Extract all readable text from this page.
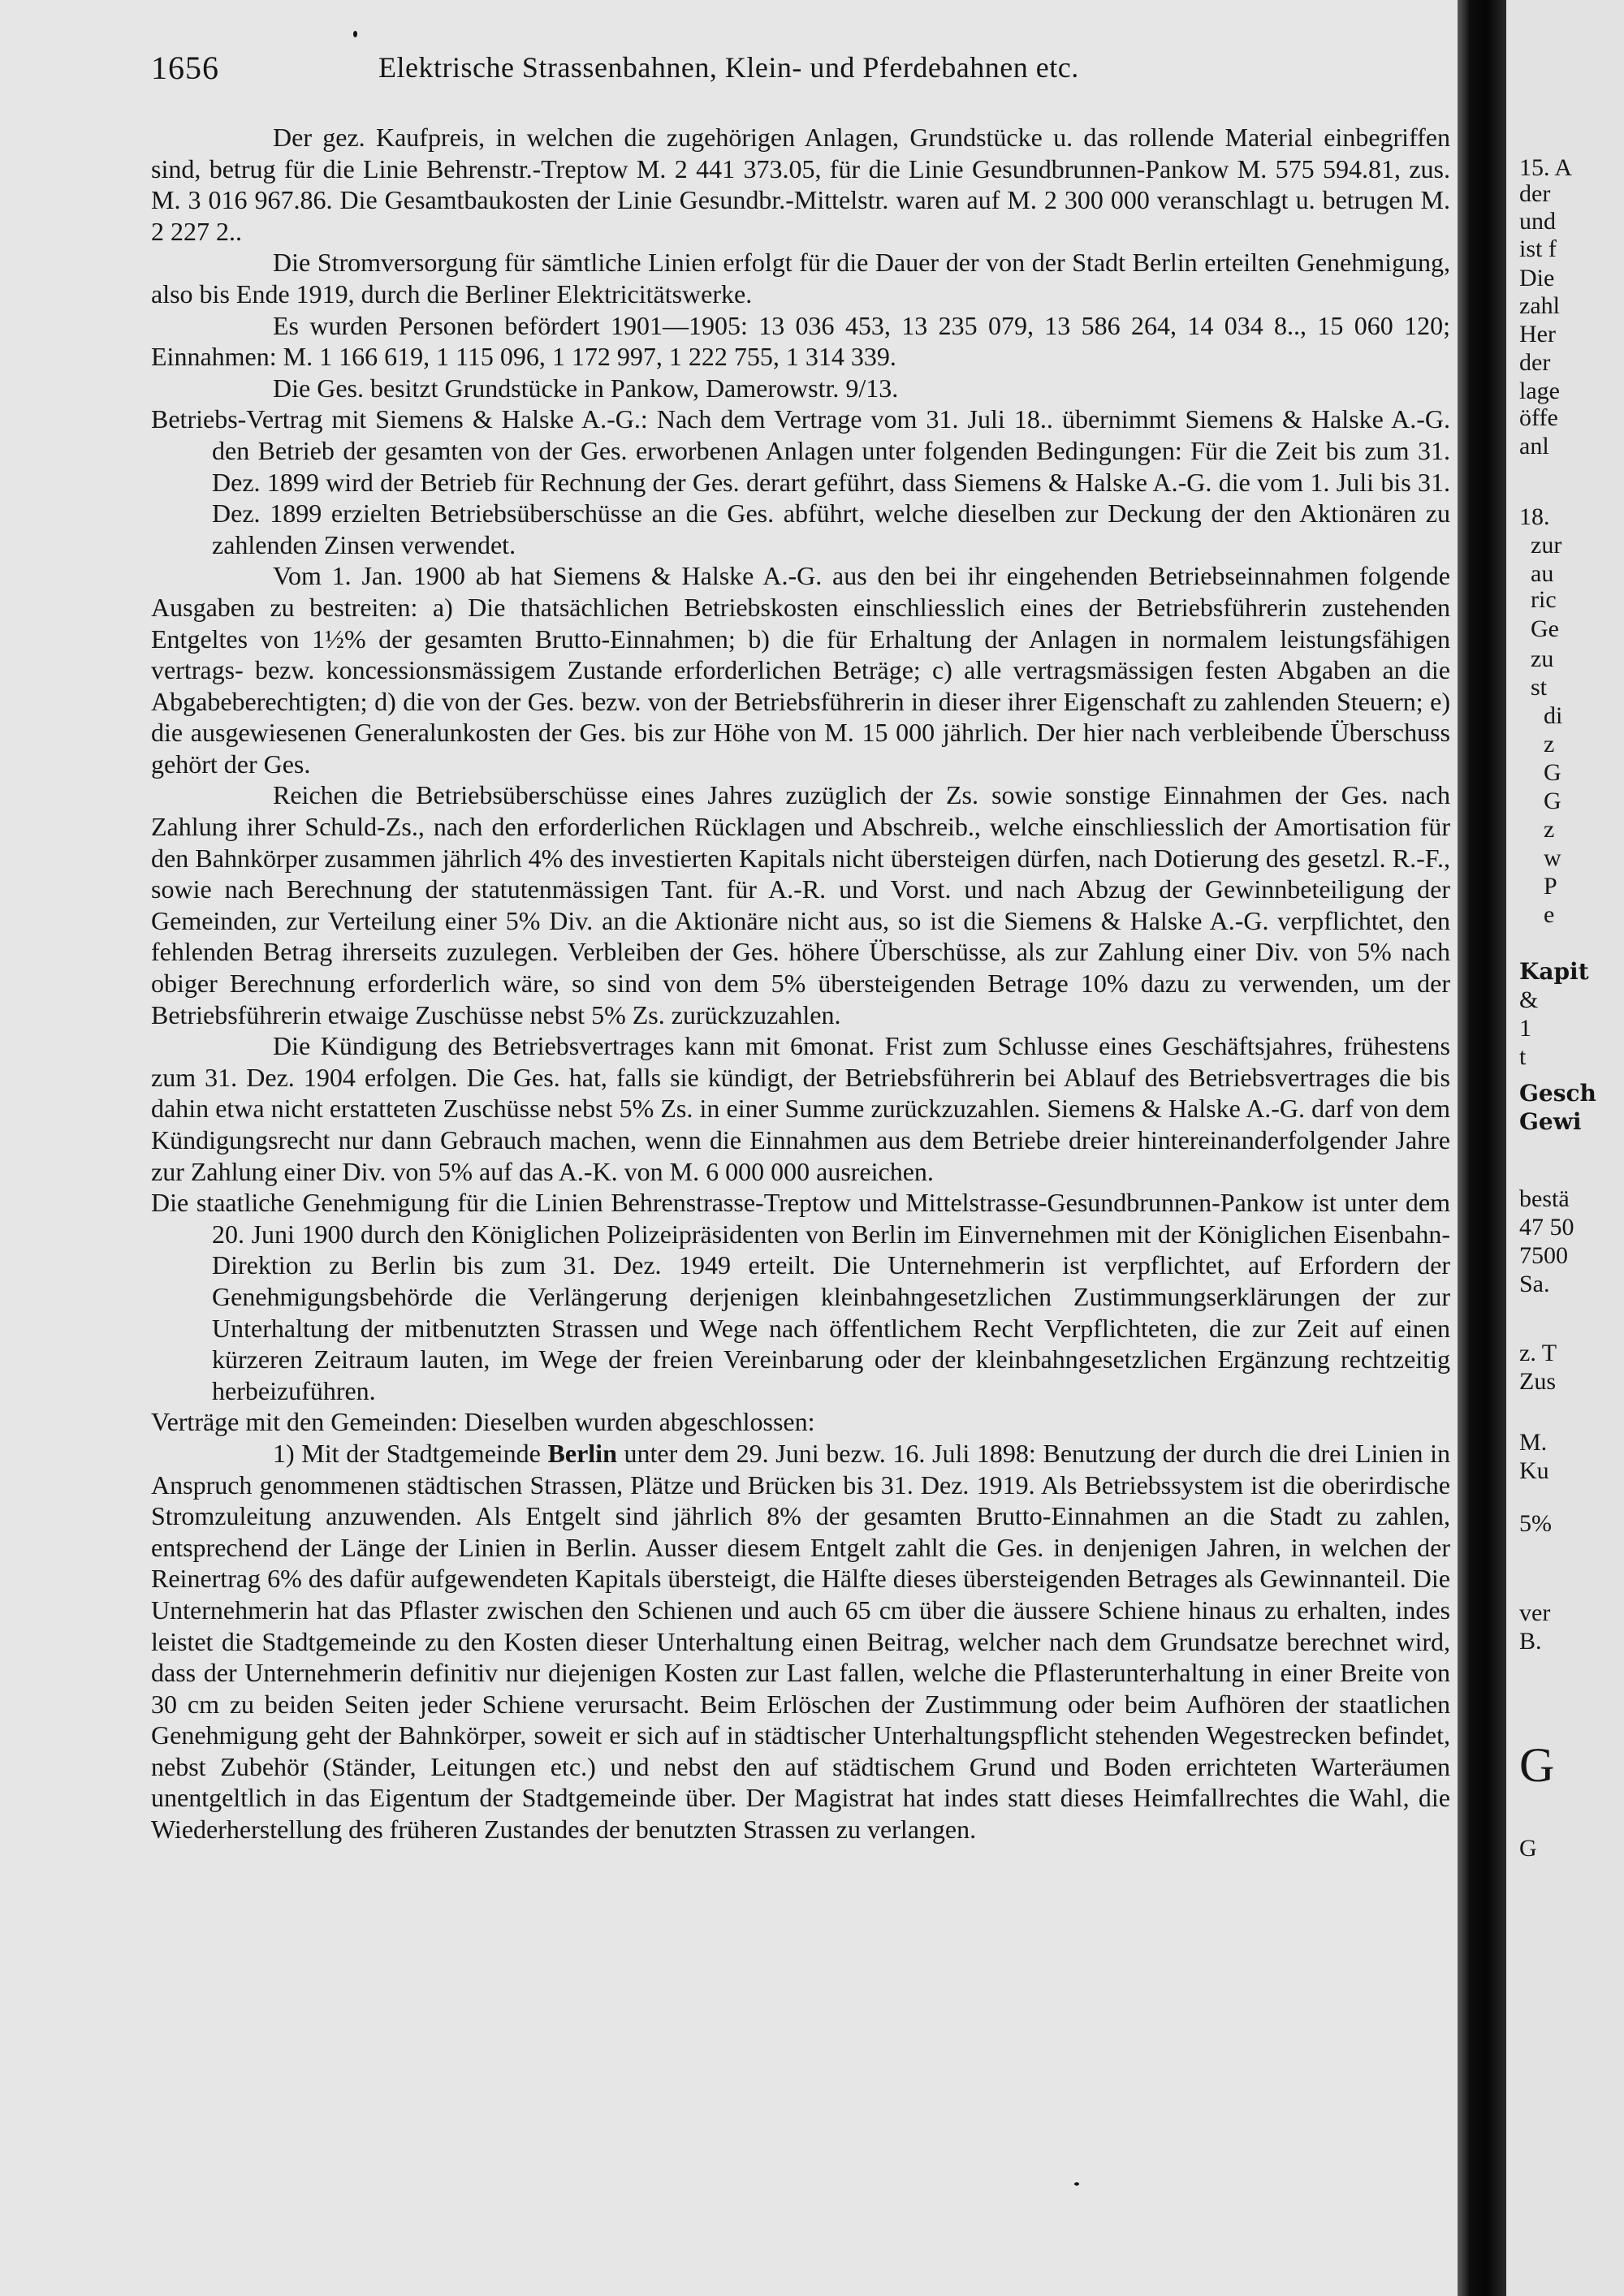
1656	Elektrische Strassenbahnen, Klein- und Pferdebahnen etc.

Der gez. Kaufpreis, in welchen die zugehörigen Anlagen, Grundstücke u. das rollende Material einbegriffen sind, betrug für die Linie Behrenstr.-Treptow M. 2 441 373.05, für die Linie Gesundbrunnen-Pankow M. 575 594.81, zus. M. 3 016 967.86. Die Gesamtbaukosten der Linie Gesundbr.-Mittelstr. waren auf M. 2 300 000 veranschlagt u. betrugen M. 2 227 2..

Die Stromversorgung für sämtliche Linien erfolgt für die Dauer der von der Stadt Berlin erteilten Genehmigung, also bis Ende 1919, durch die Berliner Elektricitätswerke.

Es wurden Personen befördert 1901—1905: 13 036 453, 13 235 079, 13 586 264, 14 034 8.., 15 060 120; Einnahmen: M. 1 166 619, 1 115 096, 1 172 997, 1 222 755, 1 314 339.

Die Ges. besitzt Grundstücke in Pankow, Damerowstr. 9/13.

Betriebs-Vertrag mit Siemens & Halske A.-G.: Nach dem Vertrage vom 31. Juli 18.. übernimmt Siemens & Halske A.-G. den Betrieb der gesamten von der Ges. erworbenen Anlagen unter folgenden Bedingungen: Für die Zeit bis zum 31. Dez. 1899 wird der Betrieb für Rechnung der Ges. derart geführt, dass Siemens & Halske A.-G. die vom 1. Juli bis 31. Dez. 1899 erzielten Betriebsüberschüsse an die Ges. abführt, welche dieselben zur Deckung der den Aktionären zu zahlenden Zinsen verwendet.

Vom 1. Jan. 1900 ab hat Siemens & Halske A.-G. aus den bei ihr eingehenden Betriebseinnahmen folgende Ausgaben zu bestreiten: a) Die thatsächlichen Betriebskosten einschliesslich eines der Betriebsführerin zustehenden Entgeltes von 1½% der gesamten Brutto-Einnahmen; b) die für Erhaltung der Anlagen in normalem leistungsfähigen vertrags- bezw. koncessionsmässigem Zustande erforderlichen Beträge; c) alle vertragsmässigen festen Abgaben an die Abgabeberechtigten; d) die von der Ges. bezw. von der Betriebsführerin in dieser ihrer Eigenschaft zu zahlenden Steuern; e) die ausgewiesenen Generalunkosten der Ges. bis zur Höhe von M. 15 000 jährlich. Der hier nach verbleibende Überschuss gehört der Ges.

Reichen die Betriebsüberschüsse eines Jahres zuzüglich der Zs. sowie sonstige Einnahmen der Ges. nach Zahlung ihrer Schuld-Zs., nach den erforderlichen Rücklagen und Abschreib., welche einschliesslich der Amortisation für den Bahnkörper zusammen jährlich 4% des investierten Kapitals nicht übersteigen dürfen, nach Dotierung des gesetzl. R.-F., sowie nach Berechnung der statutenmässigen Tant. für A.-R. und Vorst. und nach Abzug der Gewinnbeteiligung der Gemeinden, zur Verteilung einer 5% Div. an die Aktionäre nicht aus, so ist die Siemens & Halske A.-G. verpflichtet, den fehlenden Betrag ihrerseits zuzulegen. Verbleiben der Ges. höhere Überschüsse, als zur Zahlung einer Div. von 5% nach obiger Berechnung erforderlich wäre, so sind von dem 5% übersteigenden Betrage 10% dazu zu verwenden, um der Betriebsführerin etwaige Zuschüsse nebst 5% Zs. zurückzuzahlen.

Die Kündigung des Betriebsvertrages kann mit 6monat. Frist zum Schlusse eines Geschäftsjahres, frühestens zum 31. Dez. 1904 erfolgen. Die Ges. hat, falls sie kündigt, der Betriebsführerin bei Ablauf des Betriebsvertrages die bis dahin etwa nicht erstatteten Zuschüsse nebst 5% Zs. in einer Summe zurückzuzahlen. Siemens & Halske A.-G. darf von dem Kündigungsrecht nur dann Gebrauch machen, wenn die Einnahmen aus dem Betriebe dreier hintereinanderfolgender Jahre zur Zahlung einer Div. von 5% auf das A.-K. von M. 6 000 000 ausreichen.

Die staatliche Genehmigung für die Linien Behrenstrasse-Treptow und Mittelstrasse-Gesundbrunnen-Pankow ist unter dem 20. Juni 1900 durch den Königlichen Polizeipräsidenten von Berlin im Einvernehmen mit der Königlichen Eisenbahn-Direktion zu Berlin bis zum 31. Dez. 1949 erteilt. Die Unternehmerin ist verpflichtet, auf Erfordern der Genehmigungsbehörde die Verlängerung derjenigen kleinbahngesetzlichen Zustimmungserklärungen der zur Unterhaltung der mitbenutzten Strassen und Wege nach öffentlichem Recht Verpflichteten, die zur Zeit auf einen kürzeren Zeitraum lauten, im Wege der freien Vereinbarung oder der kleinbahngesetzlichen Ergänzung rechtzeitig herbeizuführen.

Verträge mit den Gemeinden: Dieselben wurden abgeschlossen:

1) Mit der Stadtgemeinde Berlin unter dem 29. Juni bezw. 16. Juli 1898: Benutzung der durch die drei Linien in Anspruch genommenen städtischen Strassen, Plätze und Brücken bis 31. Dez. 1919. Als Betriebssystem ist die oberirdische Stromzuleitung anzuwenden. Als Entgelt sind jährlich 8% der gesamten Brutto-Einnahmen an die Stadt zu zahlen, entsprechend der Länge der Linien in Berlin. Ausser diesem Entgelt zahlt die Ges. in denjenigen Jahren, in welchen der Reinertrag 6% des dafür aufgewendeten Kapitals übersteigt, die Hälfte dieses übersteigenden Betrages als Gewinnanteil. Die Unternehmerin hat das Pflaster zwischen den Schienen und auch 65 cm über die äussere Schiene hinaus zu erhalten, indes leistet die Stadtgemeinde zu den Kosten dieser Unterhaltung einen Beitrag, welcher nach dem Grundsatze berechnet wird, dass der Unternehmerin definitiv nur diejenigen Kosten zur Last fallen, welche die Pflasterunterhaltung in einer Breite von 30 cm zu beiden Seiten jeder Schiene verursacht. Beim Erlöschen der Zustimmung oder beim Aufhören der staatlichen Genehmigung geht der Bahnkörper, soweit er sich auf in städtischer Unterhaltungspflicht stehenden Wegestrecken befindet, nebst Zubehör (Ständer, Leitungen etc.) und nebst den auf städtischem Grund und Boden errichteten Warteräumen unentgeltlich in das Eigentum der Stadtgemeinde über. Der Magistrat hat indes statt dieses Heimfallrechtes die Wahl, die Wiederherstellung des früheren Zustandes der benutzten Strassen zu verlangen.

15. A
der
und
ist f
Die
zahl
Her
der
lage
öffe
anl
18.
zur
au
ric
Ge
zu
st
di
z
G
G
z
w
P
e
Kapit
&
1
t
Gesch
Gewi
bestä
47 50
7500
Sa.
z. T
Zus
M.
Ku
5%
ver
B.
G
G
